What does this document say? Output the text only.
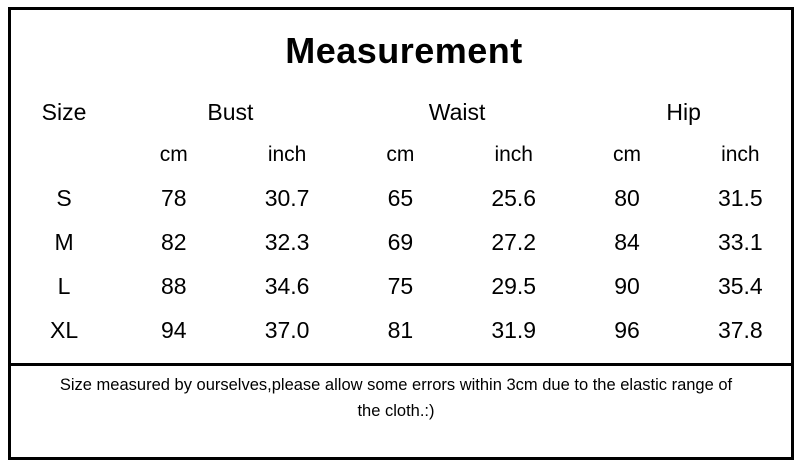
Measurement
Size	Bust		Waist		Hip	
	cm	inch	cm	inch	cm	inch
S	78	30.7	65	25.6	80	31.5
M	82	32.3	69	27.2	84	33.1
L	88	34.6	75	29.5	90	35.4
XL	94	37.0	81	31.9	96	37.8
Size measured by ourselves,please allow some errors within 3cm due to the elastic range of
the cloth.:)
